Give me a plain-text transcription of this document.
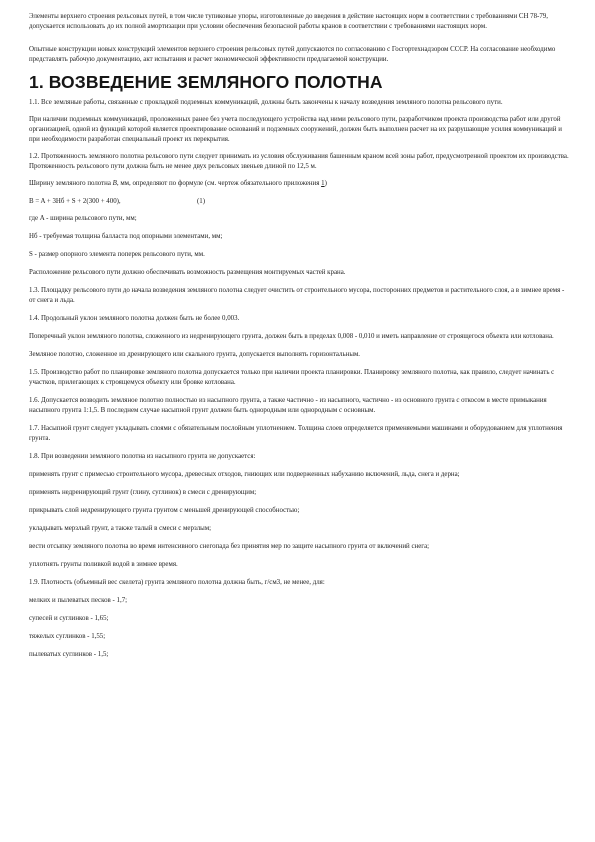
Элементы верхнего строения рельсовых путей, в том числе тупиковые упоры, изготовленные до введения в действие настоящих норм в соответствии с требованиями СН 78-79, допускается использовать до их полной амортизации при условии обеспечения безопасной работы кранов в соответствии с требованиями настоящих норм.

Опытные конструкции новых конструкций элементов верхнего строения рельсовых путей допускаются по согласованию с Госгортехнадзором СССР. На согласование необходимо представлять рабочую документацию, акт испытания и расчет экономической эффективности предлагаемой конструкции.

1. ВОЗВЕДЕНИЕ ЗЕМЛЯНОГО ПОЛОТНА

1.1. Все земляные работы, связанные с прокладкой подземных коммуникаций, должны быть закончены к началу возведения земляного полотна рельсового пути.

При наличии подземных коммуникаций, проложенных ранее без учета последующего устройства над ними рельсового пути, разработчиком проекта производства работ или другой организацией, одной из функций которой является проектирование оснований и подземных сооружений, должен быть выполнен расчет на их разрушающие усилия коммуникаций и при необходимости разработан специальный проект их перекрытия.

1.2. Протяженность земляного полотна рельсового пути следует принимать из условия обслуживания башенным краном всей зоны работ, предусмотренной проектом их производства. Протяженность рельсового пути должна быть не менее двух рельсовых звеньев длиной по 12,5 м.

Ширину земляного полотна B, мм, определяют по формуле (см. чертеж обязательного приложения 1)

B = A + 3Hб + S + 2(300 + 400),	(1)

где A - ширина рельсового пути, мм;

Hб - требуемая толщина балласта под опорными элементами, мм;

S - размер опорного элемента поперек рельсового пути, мм.

Расположение рельсового пути должно обеспечивать возможность размещения монтируемых частей крана.

1.3. Площадку рельсового пути до начала возведения земляного полотна следует очистить от строительного мусора, посторонних предметов и растительного слоя, а в зимнее время - от снега и льда.

1.4. Продольный уклон земляного полотна должен быть не более 0,003.

Поперечный уклон земляного полотна, сложенного из недренирующего грунта, должен быть в пределах 0,008 - 0,010 и иметь направление от строящегося объекта или котлована.

Земляное полотно, сложенное из дренирующего или скального грунта, допускается выполнять горизонтальным.

1.5. Производство работ по планировке земляного полотна допускается только при наличии проекта планировки. Планировку земляного полотна, как правило, следует начинать с участков, прилегающих к строящемуся объекту или бровке котлована.

1.6. Допускается возводить земляное полотно полностью из насыпного грунта, а также частично - из насыпного, частично - из основного грунта с откосом в месте примыкания насыпного грунта 1:1,5. В последнем случае насыпной грунт должен быть однородным или однородным с основным.

1.7. Насыпной грунт следует укладывать слоями с обязательным послойным уплотнением. Толщина слоев определяется применяемыми машинами и оборудованием для уплотнения грунта.

1.8. При возведении земляного полотна из насыпного грунта не допускается:

применять грунт с примесью строительного мусора, древесных отходов, гниющих или подверженных набуханию включений, льда, снега и дерна;

применять недренирующий грунт (глину, суглинок) в смеси с дренирующим;

прикрывать слой недренирующего грунта грунтом с меньшей дренирующей способностью;

укладывать мерзлый грунт, а также талый в смеси с мерзлым;

вести отсыпку земляного полотна во время интенсивного снегопада без принятия мер по защите насыпного грунта от включений снега;

уплотнять грунты поливкой водой в зимнее время.

1.9. Плотность (объемный вес скелета) грунта земляного полотна должна быть, г/см3, не менее, для:

мелких и пылеватых песков - 1,7;

супесей и суглинков - 1,65;

тяжелых суглинков - 1,55;

пылеватых суглинков - 1,5;
